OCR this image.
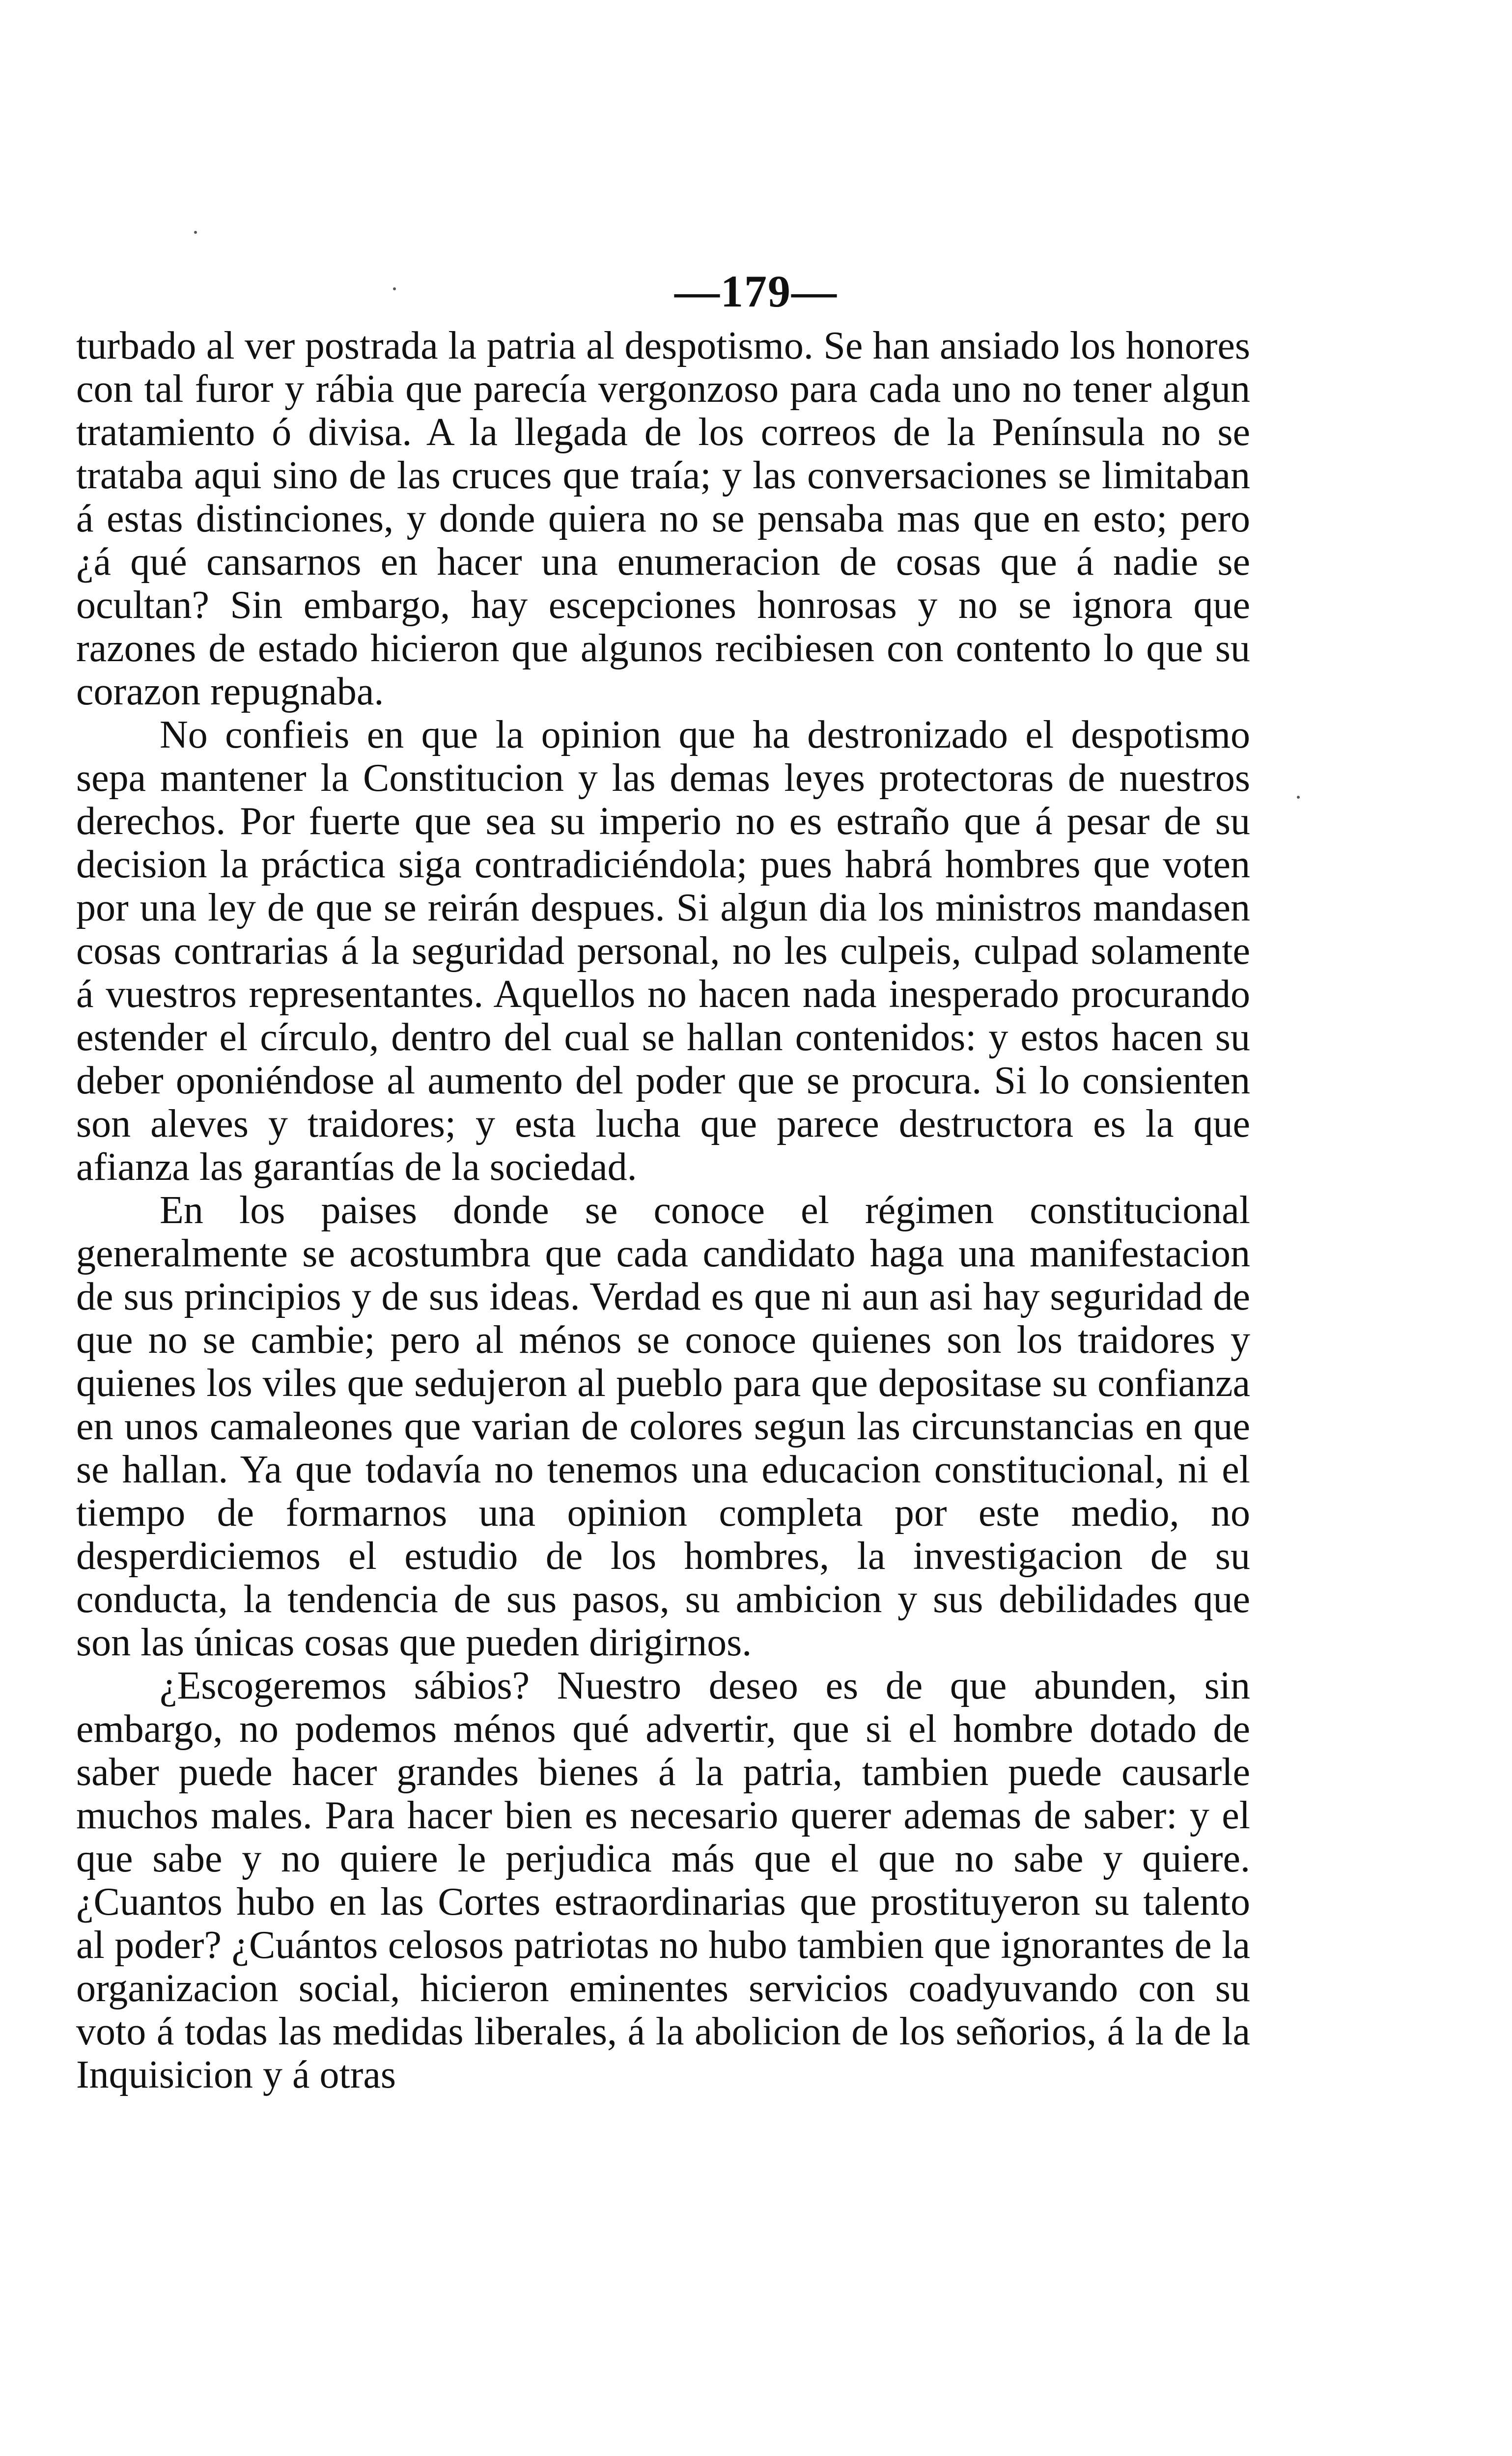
—179—

turbado al ver postrada la patria al despotismo. Se han ansiado los honores con tal furor y rábia que parecía vergonzoso para cada uno no tener algun tratamiento ó divisa. A la llegada de los correos de la Península no se trataba aqui sino de las cruces que traía; y las conversaciones se limitaban á estas distinciones, y donde quiera no se pensaba mas que en esto; pero ¿á qué cansarnos en hacer una enumeracion de cosas que á nadie se ocultan? Sin embargo, hay escepciones honrosas y no se ignora que razones de estado hicieron que algunos recibiesen con contento lo que su corazon repugnaba.

No confieis en que la opinion que ha destronizado el despotismo sepa mantener la Constitucion y las demas leyes protectoras de nuestros derechos. Por fuerte que sea su imperio no es estraño que á pesar de su decision la práctica siga contradiciéndola; pues habrá hombres que voten por una ley de que se reirán despues. Si algun dia los ministros mandasen cosas contrarias á la seguridad personal, no les culpeis, culpad solamente á vuestros representantes. Aquellos no hacen nada inesperado procurando estender el círculo, dentro del cual se hallan contenidos: y estos hacen su deber oponiéndose al aumento del poder que se procura. Si lo consienten son aleves y traidores; y esta lucha que parece destructora es la que afianza las garantías de la sociedad.

En los paises donde se conoce el régimen constitucional generalmente se acostumbra que cada candidato haga una manifestacion de sus principios y de sus ideas. Verdad es que ni aun asi hay seguridad de que no se cambie; pero al ménos se conoce quienes son los traidores y quienes los viles que sedujeron al pueblo para que depositase su confianza en unos camaleones que varian de colores segun las circunstancias en que se hallan. Ya que todavía no tenemos una educacion constitucional, ni el tiempo de formarnos una opinion completa por este medio, no desperdiciemos el estudio de los hombres, la investigacion de su conducta, la tendencia de sus pasos, su ambicion y sus debilidades que son las únicas cosas que pueden dirigirnos.

¿Escogeremos sábios? Nuestro deseo es de que abunden, sin embargo, no podemos ménos qué advertir, que si el hombre dotado de saber puede hacer grandes bienes á la patria, tambien puede causarle muchos males. Para hacer bien es necesario querer ademas de saber: y el que sabe y no quiere le perjudica más que el que no sabe y quiere. ¿Cuantos hubo en las Cortes estraordinarias que prostituyeron su talento al poder? ¿Cuántos celosos patriotas no hubo tambien que ignorantes de la organizacion social, hicieron eminentes servicios coadyuvando con su voto á todas las medidas liberales, á la abolicion de los señorios, á la de la Inquisicion y á otras
